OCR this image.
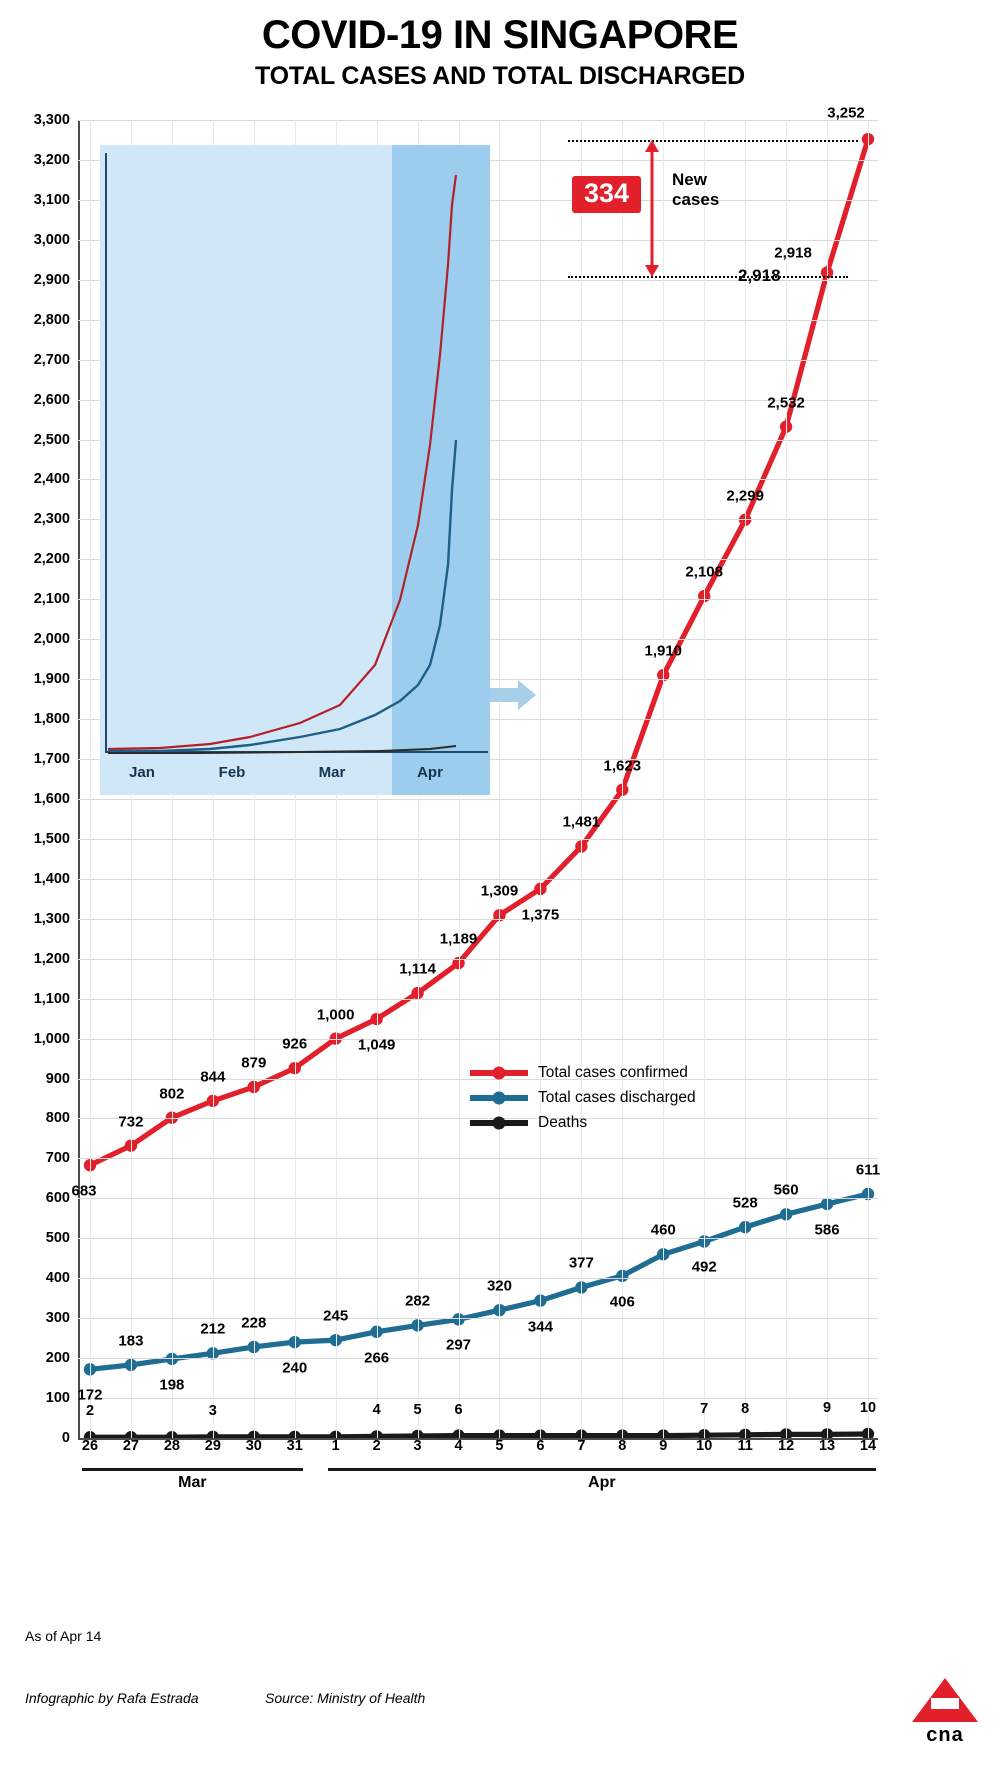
COVID-19 IN SINGAPORE
TOTAL CASES AND TOTAL DISCHARGED
0
100
200
300
400
500
600
700
800
900
1,000
1,100
1,200
1,300
1,400
1,500
1,600
1,700
1,800
1,900
2,000
2,100
2,200
2,300
2,400
2,500
2,600
2,700
2,800
2,900
3,000
3,100
3,200
3,300
683
732
802
844
879
926
1,000
1,049
1,114
1,189
1,309
1,375
1,481
1,623
1,910
2,108
2,299
2,532
2,918
3,252
172
183
198
212 228
240
245
266
282
297
320
344
377
406
460
492
528
560
586
611
2	3	4 5 6	7 8	9 10
Jan	Feb	Mar	Apr
334	New
cases
2,918
Total cases confirmed
Total cases discharged
Deaths
26 27 28 29 30 31 1 2 3 4 5 6 7 8 9 10 11 12 13 14
Mar	Apr
As of Apr 14
Infographic by Rafa Estrada	Source: Ministry of Health
cna
